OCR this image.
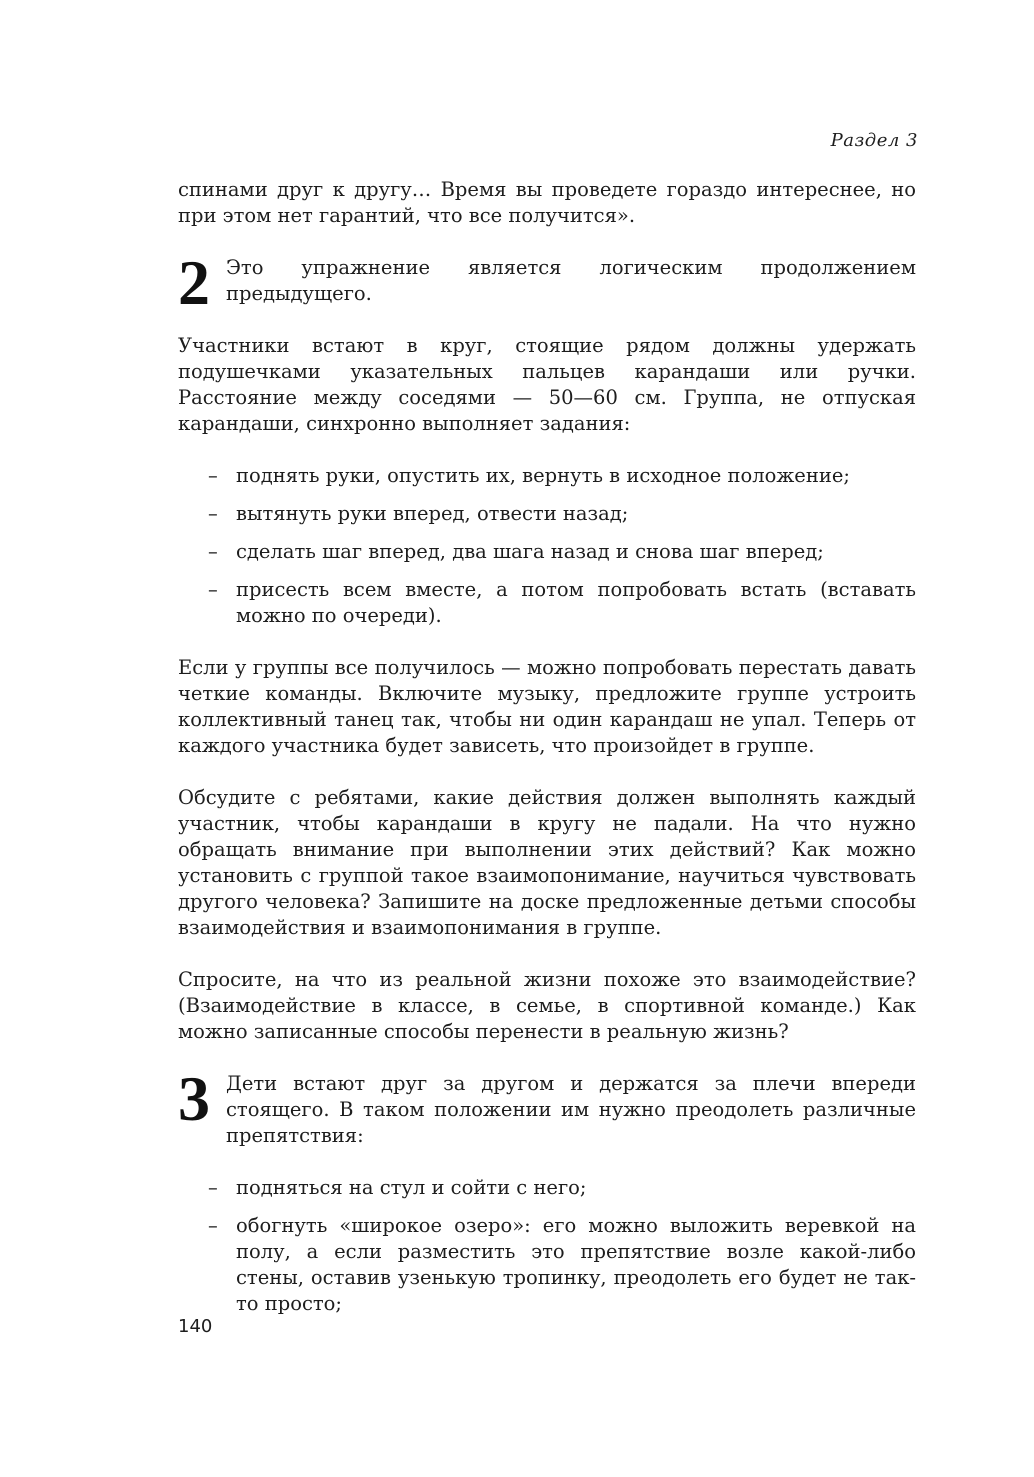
Раздел 3

спинами друг к другу… Время вы проведете гораздо интереснее, но при этом нет гарантий, что все получится».

2 Это упражнение является логическим продолжением предыдущего.

Участники встают в круг, стоящие рядом должны удержать подушечками указательных пальцев карандаши или ручки. Расстояние между соседями — 50—60 см. Группа, не отпуская карандаши, синхронно выполняет задания:

– поднять руки, опустить их, вернуть в исходное положение;
– вытянуть руки вперед, отвести назад;
– сделать шаг вперед, два шага назад и снова шаг вперед;
– присесть всем вместе, а потом попробовать встать (вставать можно по очереди).

Если у группы все получилось — можно попробовать перестать давать четкие команды. Включите музыку, предложите группе устроить коллективный танец так, чтобы ни один карандаш не упал. Теперь от каждого участника будет зависеть, что произойдет в группе.

Обсудите с ребятами, какие действия должен выполнять каждый участник, чтобы карандаши в кругу не падали. На что нужно обращать внимание при выполнении этих действий? Как можно установить с группой такое взаимопонимание, научиться чувствовать другого человека? Запишите на доске предложенные детьми способы взаимодействия и взаимопонимания в группе.

Спросите, на что из реальной жизни похоже это взаимодействие? (Взаимодействие в классе, в семье, в спортивной команде.) Как можно записанные способы перенести в реальную жизнь?

3 Дети встают друг за другом и держатся за плечи впереди стоящего. В таком положении им нужно преодолеть различные препятствия:
– подняться на стул и сойти с него;
– обогнуть «широкое озеро»: его можно выложить веревкой на полу, а если разместить это препятствие возле какой-либо стены, оставив узенькую тропинку, преодолеть его будет не так-то просто;
140
